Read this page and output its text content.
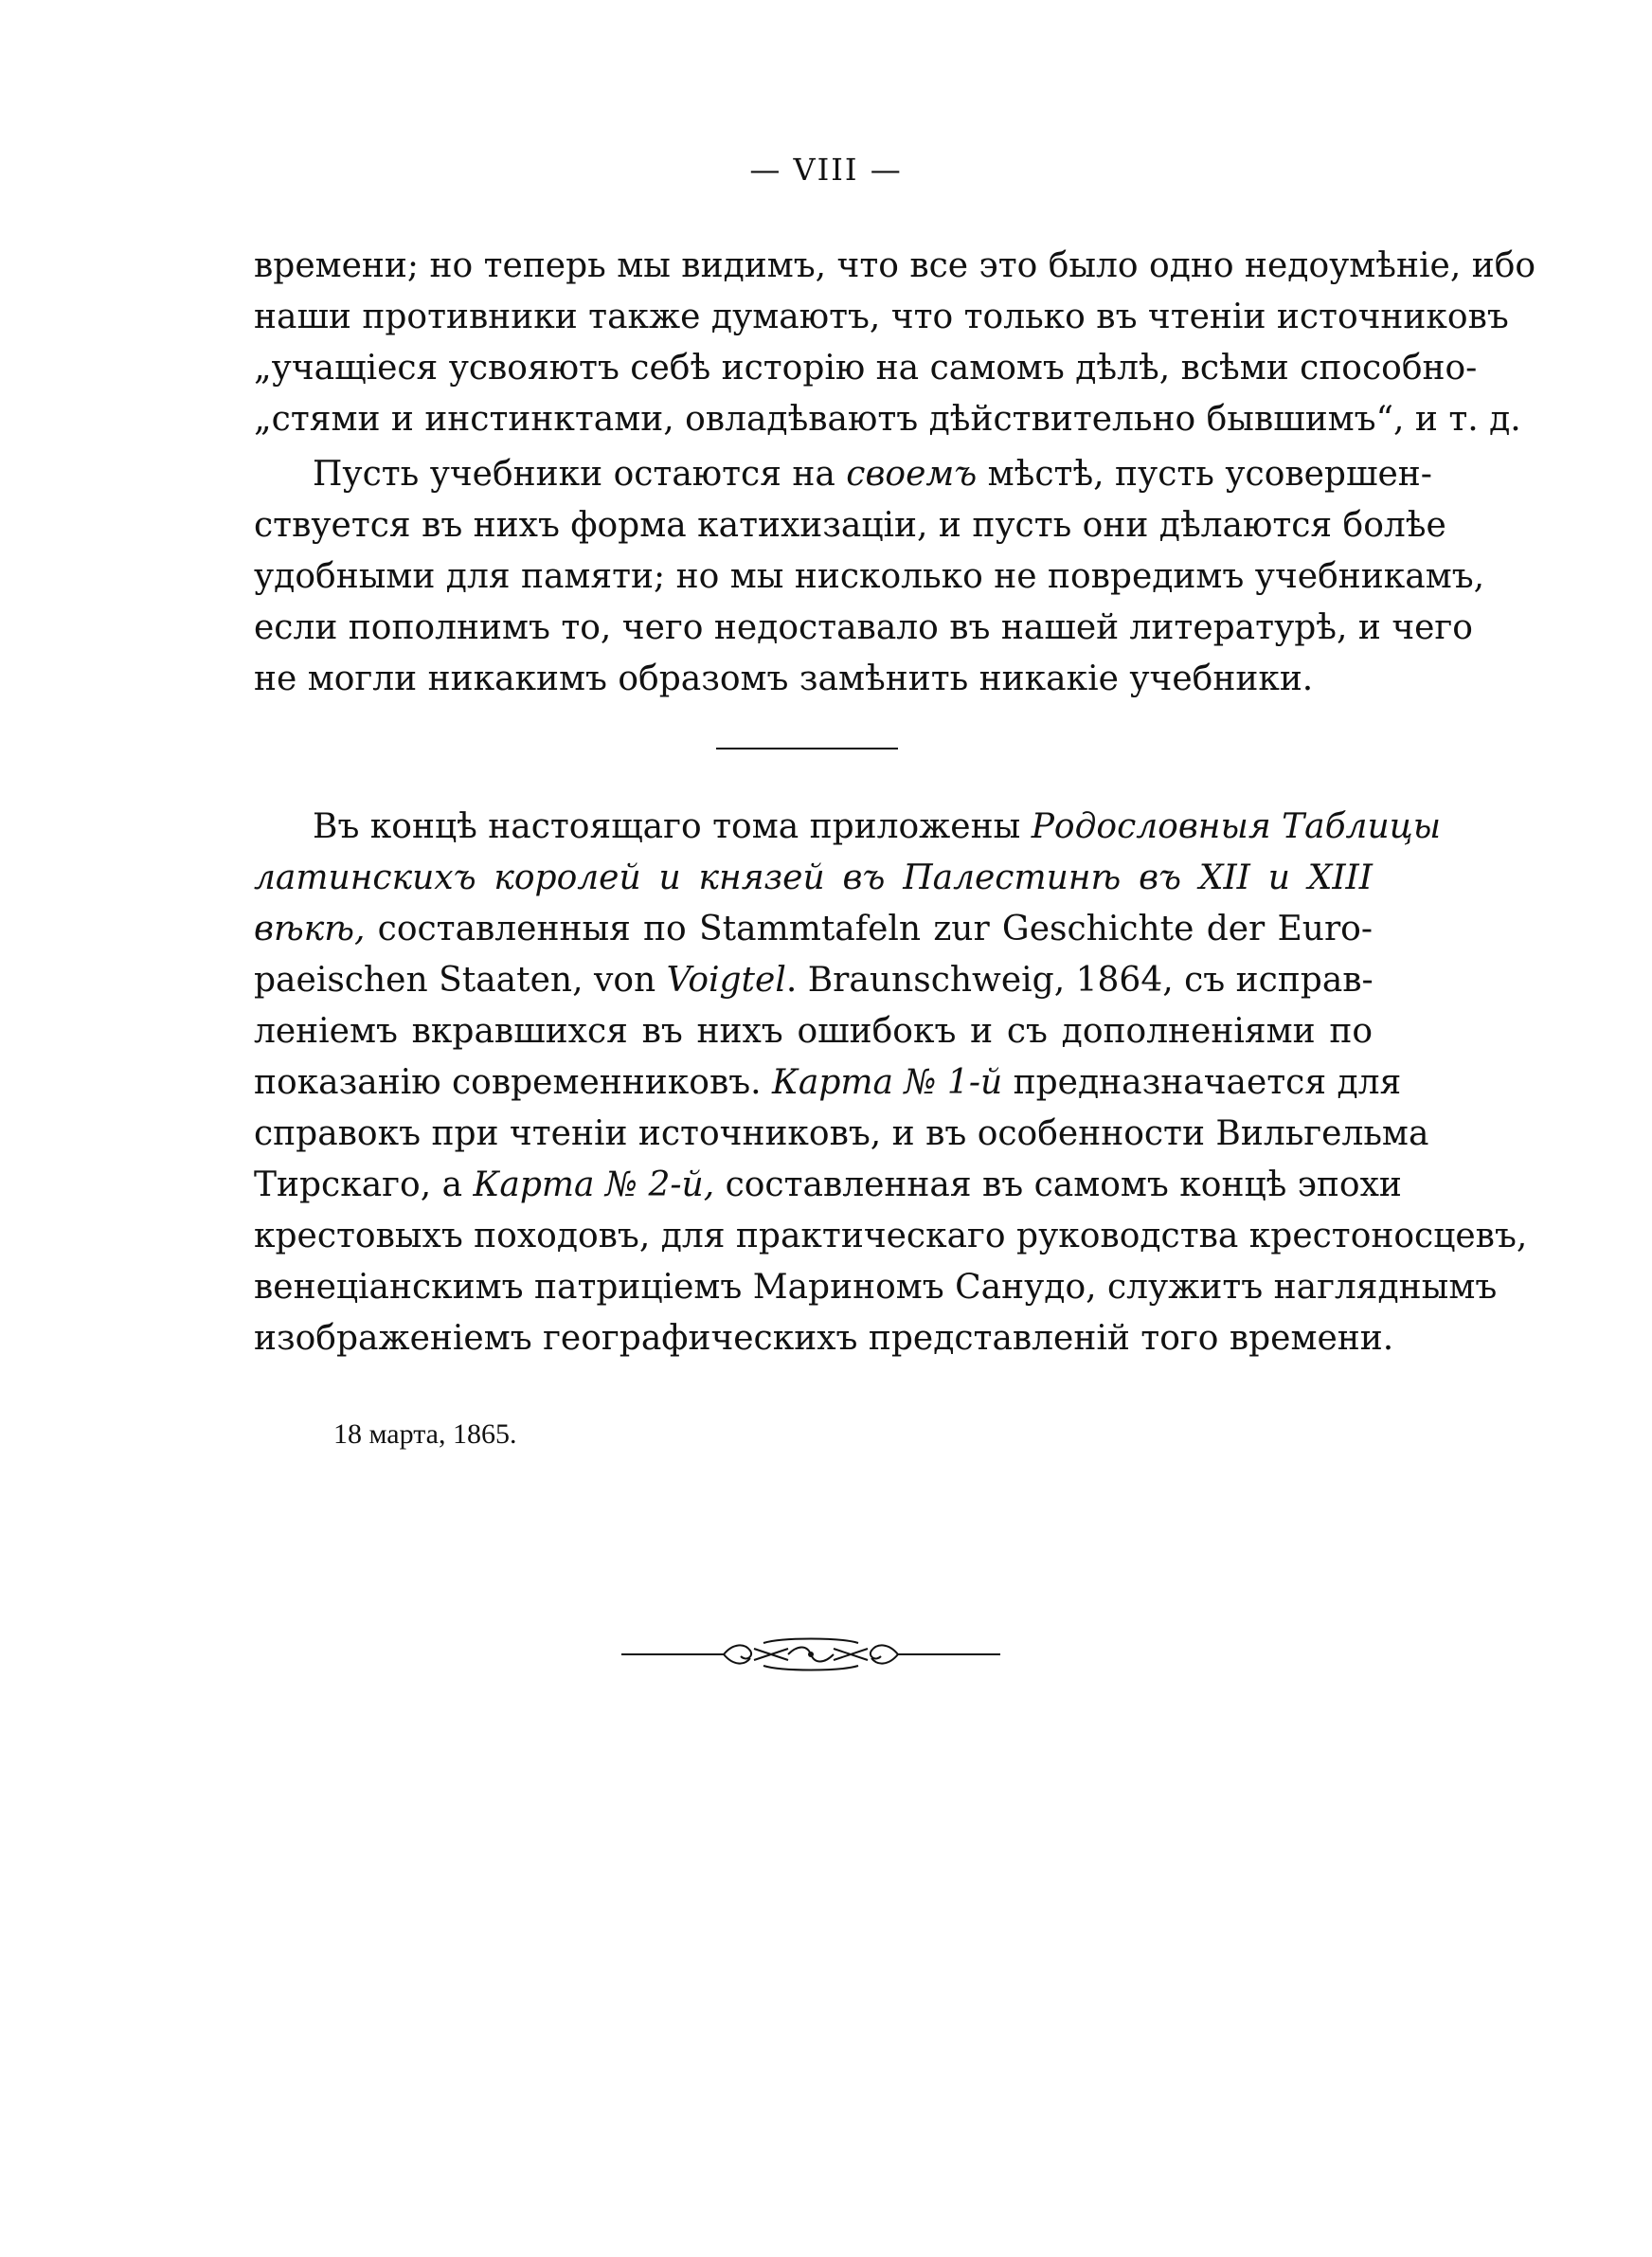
— VIII —
времени; но теперь мы видимъ, что все это было одно недоумѣніе, ибо
наши противники также думаютъ, что только въ чтеніи источниковъ
„учащіеся усвояютъ себѣ исторію на самомъ дѣлѣ, всѣми способно-
„стями и инстинктами, овладѣваютъ дѣйствительно бывшимъ“, и т. д.
Пусть учебники остаются на своемъ мѣстѣ, пусть усовершен-
ствуется въ нихъ форма катихизаціи, и пусть они дѣлаются болѣе
удобными для памяти; но мы нисколько не повредимъ учебникамъ,
если пополнимъ то, чего недоставало въ нашей литературѣ, и чего
не могли никакимъ образомъ замѣнить никакіе учебники.
Въ концѣ настоящаго тома приложены Родословныя Таблицы
латинскихъ королей и князей въ Палестинѣ въ XII и XIII
вѣкѣ, составленныя по Stammtafeln zur Geschichte der Euro-
paeischen Staaten, von Voigtel. Braunschweig, 1864, съ исправ-
леніемъ вкравшихся въ нихъ ошибокъ и съ дополненіями по
показанію современниковъ. Карта № 1-й предназначается для
справокъ при чтеніи источниковъ, и въ особенности Вильгельма
Тирскаго, а Карта № 2-й, составленная въ самомъ концѣ эпохи
крестовыхъ походовъ, для практическаго руководства крестоносцевъ,
венеціанскимъ патриціемъ Мариномъ Санудо, служитъ нагляднымъ
изображеніемъ географическихъ представленій того времени.
18 марта, 1865.
